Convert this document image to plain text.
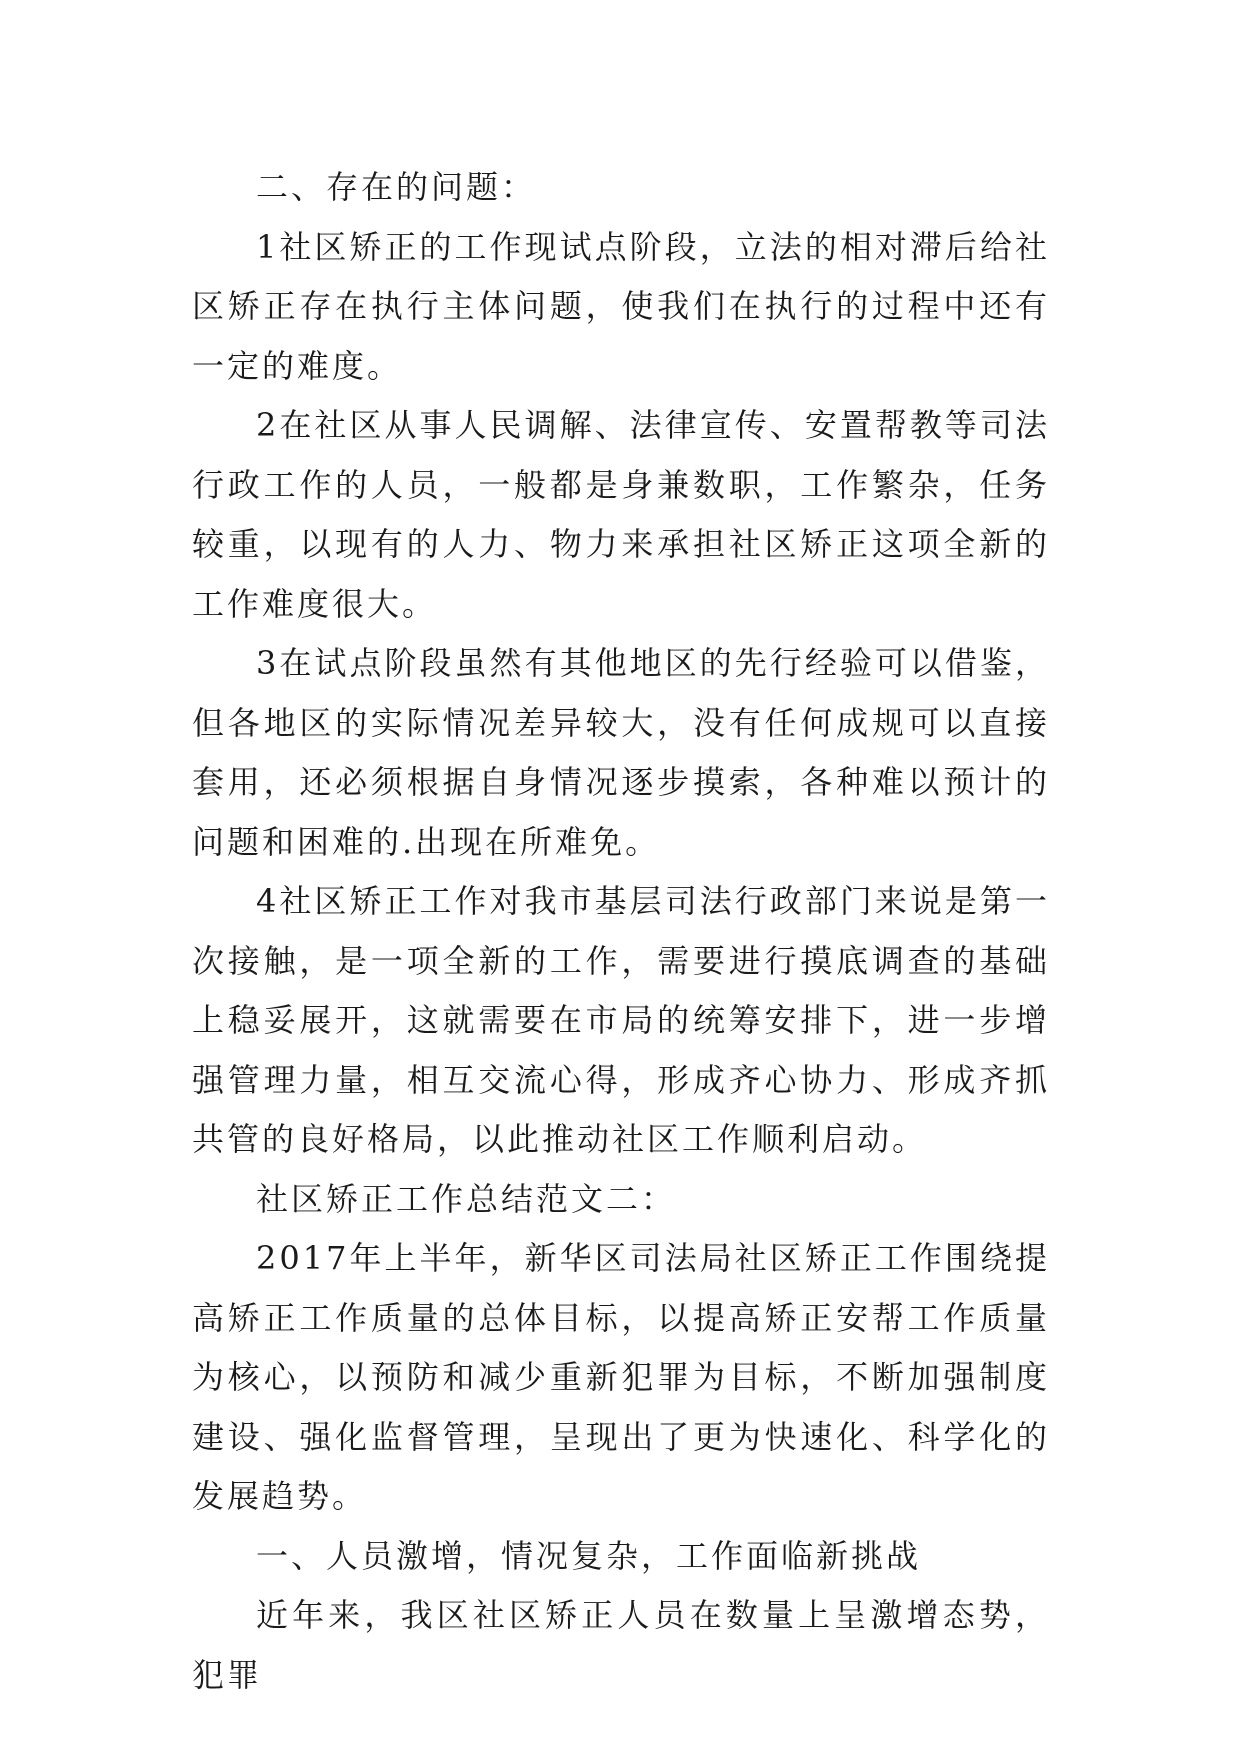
二、存在的问题：

1社区矫正的工作现试点阶段，立法的相对滞后给社区矫正存在执行主体问题，使我们在执行的过程中还有一定的难度。

2在社区从事人民调解、法律宣传、安置帮教等司法行政工作的人员，一般都是身兼数职，工作繁杂，任务较重，以现有的人力、物力来承担社区矫正这项全新的工作难度很大。

3在试点阶段虽然有其他地区的先行经验可以借鉴，但各地区的实际情况差异较大，没有任何成规可以直接套用，还必须根据自身情况逐步摸索，各种难以预计的问题和困难的.出现在所难免。

4社区矫正工作对我市基层司法行政部门来说是第一次接触，是一项全新的工作，需要进行摸底调查的基础上稳妥展开，这就需要在市局的统筹安排下，进一步增强管理力量，相互交流心得，形成齐心协力、形成齐抓共管的良好格局，以此推动社区工作顺利启动。

社区矫正工作总结范文二：

2017年上半年，新华区司法局社区矫正工作围绕提高矫正工作质量的总体目标，以提高矫正安帮工作质量为核心，以预防和减少重新犯罪为目标，不断加强制度建设、强化监督管理，呈现出了更为快速化、科学化的发展趋势。

一、人员激增，情况复杂，工作面临新挑战

近年来，我区社区矫正人员在数量上呈激增态势，犯罪
